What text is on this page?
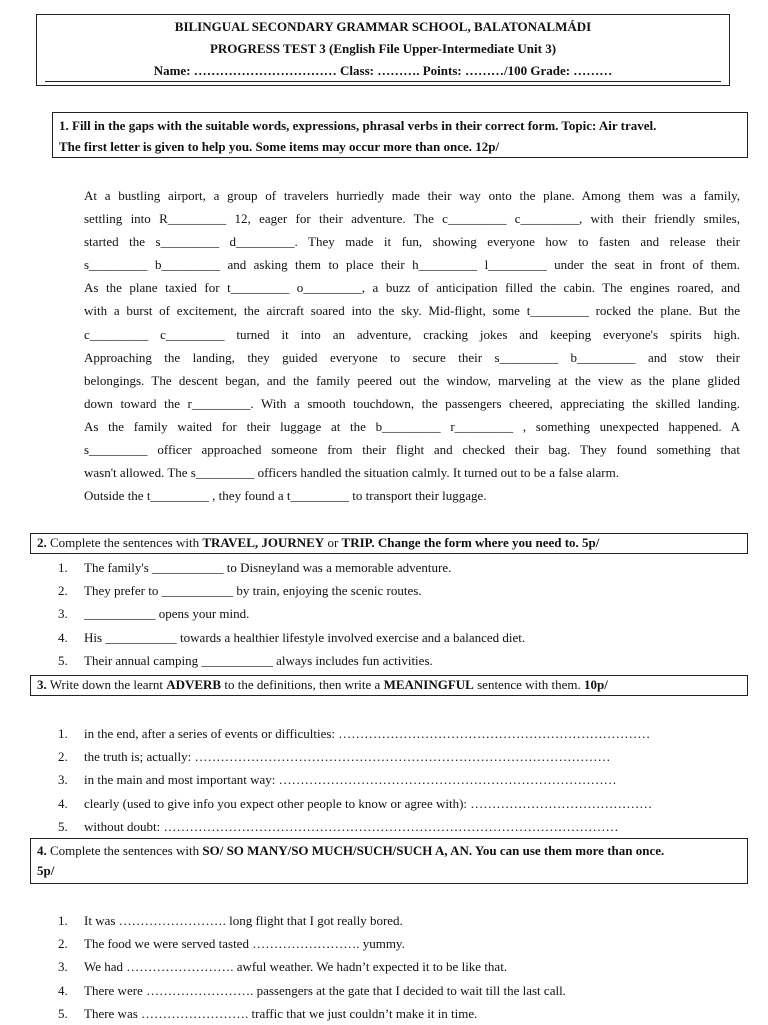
BILINGUAL SECONDARY GRAMMAR SCHOOL, BALATONALMÁDI
PROGRESS TEST 3 (English File Upper-Intermediate Unit 3)
Name: …………………………… Class: ………. Points: ………/100 Grade: ………
1. Fill in the gaps with the suitable words, expressions, phrasal verbs in their correct form. Topic: Air travel.
The first letter is given to help you. Some items may occur more than once. 12p/
At a bustling airport, a group of travelers hurriedly made their way onto the plane. Among them was a family,
settling into R_________ 12, eager for their adventure. The c_________ c_________, with their friendly smiles,
started the s_________ d_________. They made it fun, showing everyone how to fasten and release their
s_________ b_________ and asking them to place their h_________ l_________ under the seat in front of them.
As the plane taxied for t_________ o_________, a buzz of anticipation filled the cabin. The engines roared, and
with a burst of excitement, the aircraft soared into the sky. Mid-flight, some t_________ rocked the plane. But the
c_________ c_________ turned it into an adventure, cracking jokes and keeping everyone's spirits high.
Approaching the landing, they guided everyone to secure their s_________ b_________ and stow their
belongings. The descent began, and the family peered out the window, marveling at the view as the plane glided
down toward the r_________. With a smooth touchdown, the passengers cheered, appreciating the skilled landing.
As the family waited for their luggage at the b_________ r_________ , something unexpected happened. A
s_________ officer approached someone from their flight and checked their bag. They found something that
wasn't allowed. The s_________ officers handled the situation calmly. It turned out to be a false alarm.
Outside the t_________ , they found a t_________ to transport their luggage.
2. Complete the sentences with TRAVEL, JOURNEY or TRIP. Change the form where you need to. 5p/
1.	The family's ___________ to Disneyland was a memorable adventure.
2.	They prefer to ___________ by train, enjoying the scenic routes.
3.	___________ opens your mind.
4.	His ___________ towards a healthier lifestyle involved exercise and a balanced diet.
5.	Their annual camping ___________ always includes fun activities.
3. Write down the learnt ADVERB to the definitions, then write a MEANINGFUL sentence with them. 10p/
1.	in the end, after a series of events or difficulties: ………………………………………………………………
2.	the truth is; actually: ……………………………………………………………………………………
3.	in the main and most important way: ……………………………………………………………………
4.	clearly (used to give info you expect other people to know or agree with): ……………………………………
5.	without doubt: ……………………………………………………………………………………………
4. Complete the sentences with SO/ SO MANY/SO MUCH/SUCH/SUCH A, AN. You can use them more than once.
5p/
1.	It was ……………………. long flight that I got really bored.
2.	The food we were served tasted ……………………. yummy.
3.	We had ……………………. awful weather. We hadn’t expected it to be like that.
4.	There were ……………………. passengers at the gate that I decided to wait till the last call.
5.	There was ……………………. traffic that we just couldn’t make it in time.
